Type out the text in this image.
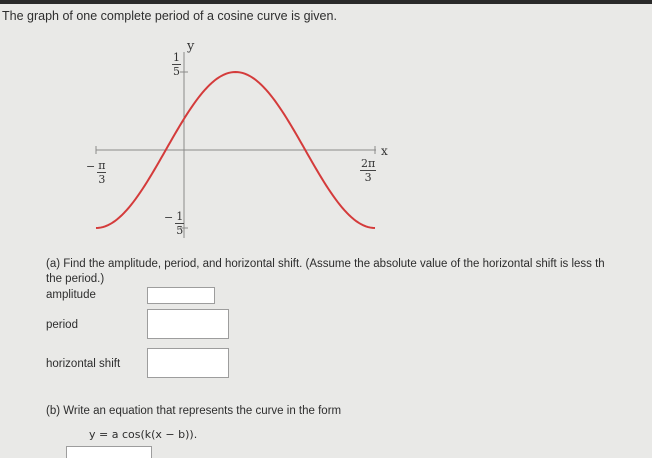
The graph of one complete period of a cosine curve is given.
y
x
$\frac{1}{5}$
− $\frac{1}{5}$
− $\frac{\pi}{3}$	$\frac{2\pi}{3}$
(a) Find the amplitude, period, and horizontal shift. (Assume the absolute value of the horizontal shift is less th
the period.)
amplitude
period
horizontal shift
(b) Write an equation that represents the curve in the form
y = a cos(k(x − b)).
